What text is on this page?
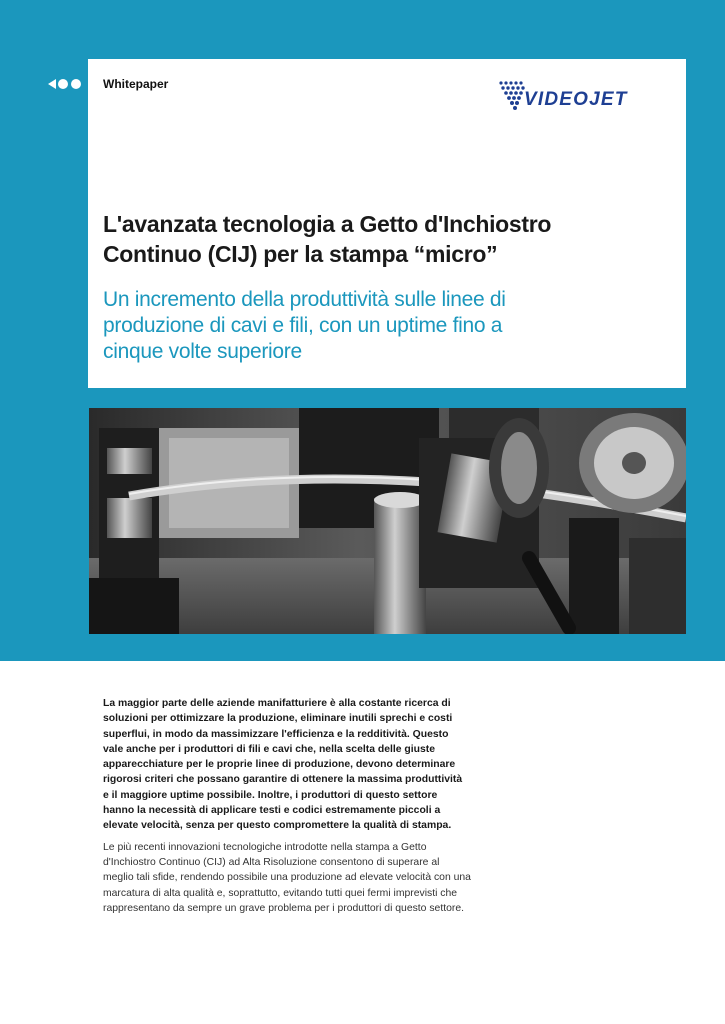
Whitepaper
VIDEOJET
L'avanzata tecnologia a Getto d'Inchiostro
Continuo (CIJ) per la stampa “micro”
Un incremento della produttività sulle linee di
produzione di cavi e fili, con un uptime fino a
cinque volte superiore

La maggior parte delle aziende manifatturiere è alla costante ricerca di
soluzioni per ottimizzare la produzione, eliminare inutili sprechi e costi
superflui, in modo da massimizzare l'efficienza e la redditività. Questo
vale anche per i produttori di fili e cavi che, nella scelta delle giuste
apparecchiature per le proprie linee di produzione, devono determinare
rigorosi criteri che possano garantire di ottenere la massima produttività
e il maggiore uptime possibile. Inoltre, i produttori di questo settore
hanno la necessità di applicare testi e codici estremamente piccoli a
elevate velocità, senza per questo compromettere la qualità di stampa.

Le più recenti innovazioni tecnologiche introdotte nella stampa a Getto
d'Inchiostro Continuo (CIJ) ad Alta Risoluzione consentono di superare al
meglio tali sfide, rendendo possibile una produzione ad elevate velocità con una
marcatura di alta qualità e, soprattutto, evitando tutti quei fermi imprevisti che
rappresentano da sempre un grave problema per i produttori di questo settore.
